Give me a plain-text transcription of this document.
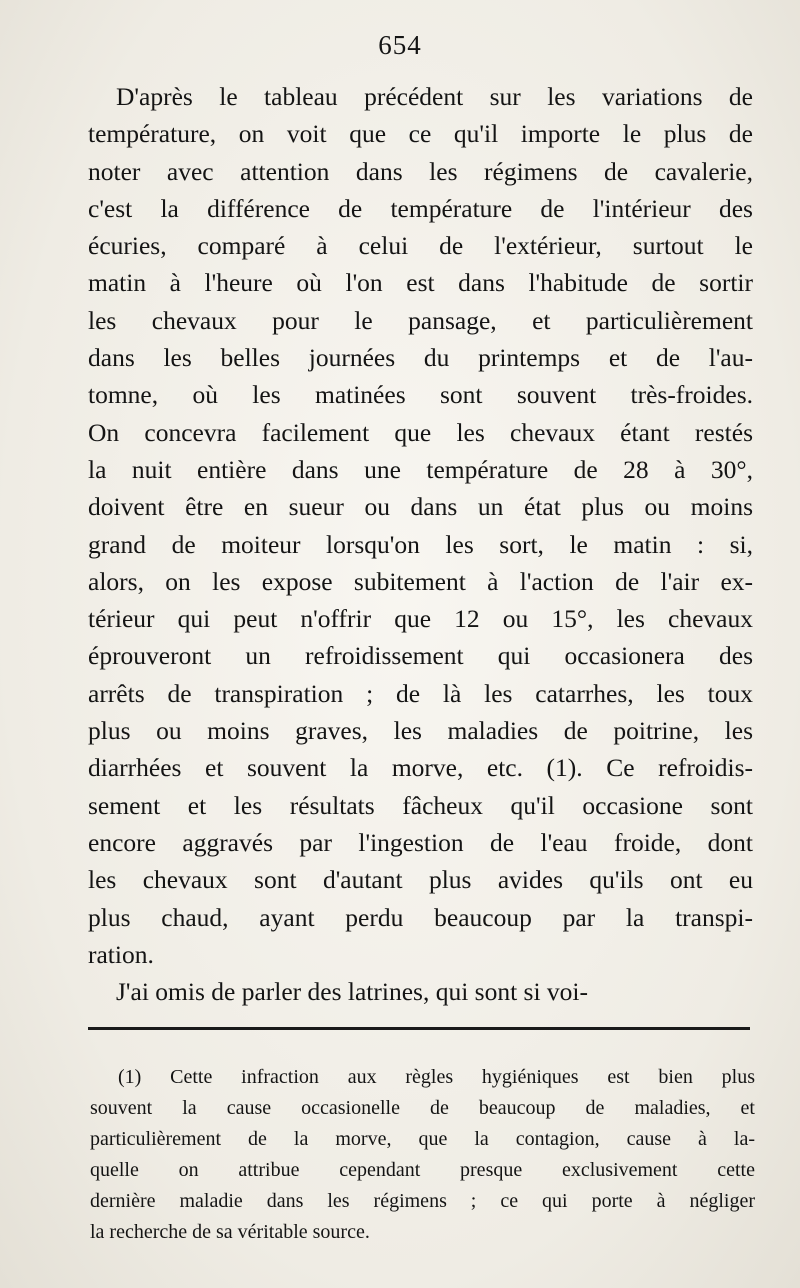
654
D'après le tableau précédent sur les variations de
température, on voit que ce qu'il importe le plus de
noter avec attention dans les régimens de cavalerie,
c'est la différence de température de l'intérieur des
écuries, comparé à celui de l'extérieur, surtout le
matin à l'heure où l'on est dans l'habitude de sortir
les chevaux pour le pansage, et particulièrement
dans les belles journées du printemps et de l'au-
tomne, où les matinées sont souvent très-froides.
On concevra facilement que les chevaux étant restés
la nuit entière dans une température de 28 à 30°,
doivent être en sueur ou dans un état plus ou moins
grand de moiteur lorsqu'on les sort, le matin : si,
alors, on les expose subitement à l'action de l'air ex-
térieur qui peut n'offrir que 12 ou 15°, les chevaux
éprouveront un refroidissement qui occasionera des
arrêts de transpiration ; de là les catarrhes, les toux
plus ou moins graves, les maladies de poitrine, les
diarrhées et souvent la morve, etc. (1). Ce refroidis-
sement et les résultats fâcheux qu'il occasione sont
encore aggravés par l'ingestion de l'eau froide, dont
les chevaux sont d'autant plus avides qu'ils ont eu
plus chaud, ayant perdu beaucoup par la transpi-
ration.
J'ai omis de parler des latrines, qui sont si voi-
(1) Cette infraction aux règles hygiéniques est bien plus
souvent la cause occasionelle de beaucoup de maladies, et
particulièrement de la morve, que la contagion, cause à la-
quelle on attribue cependant presque exclusivement cette
dernière maladie dans les régimens ; ce qui porte à négliger
la recherche de sa véritable source.
